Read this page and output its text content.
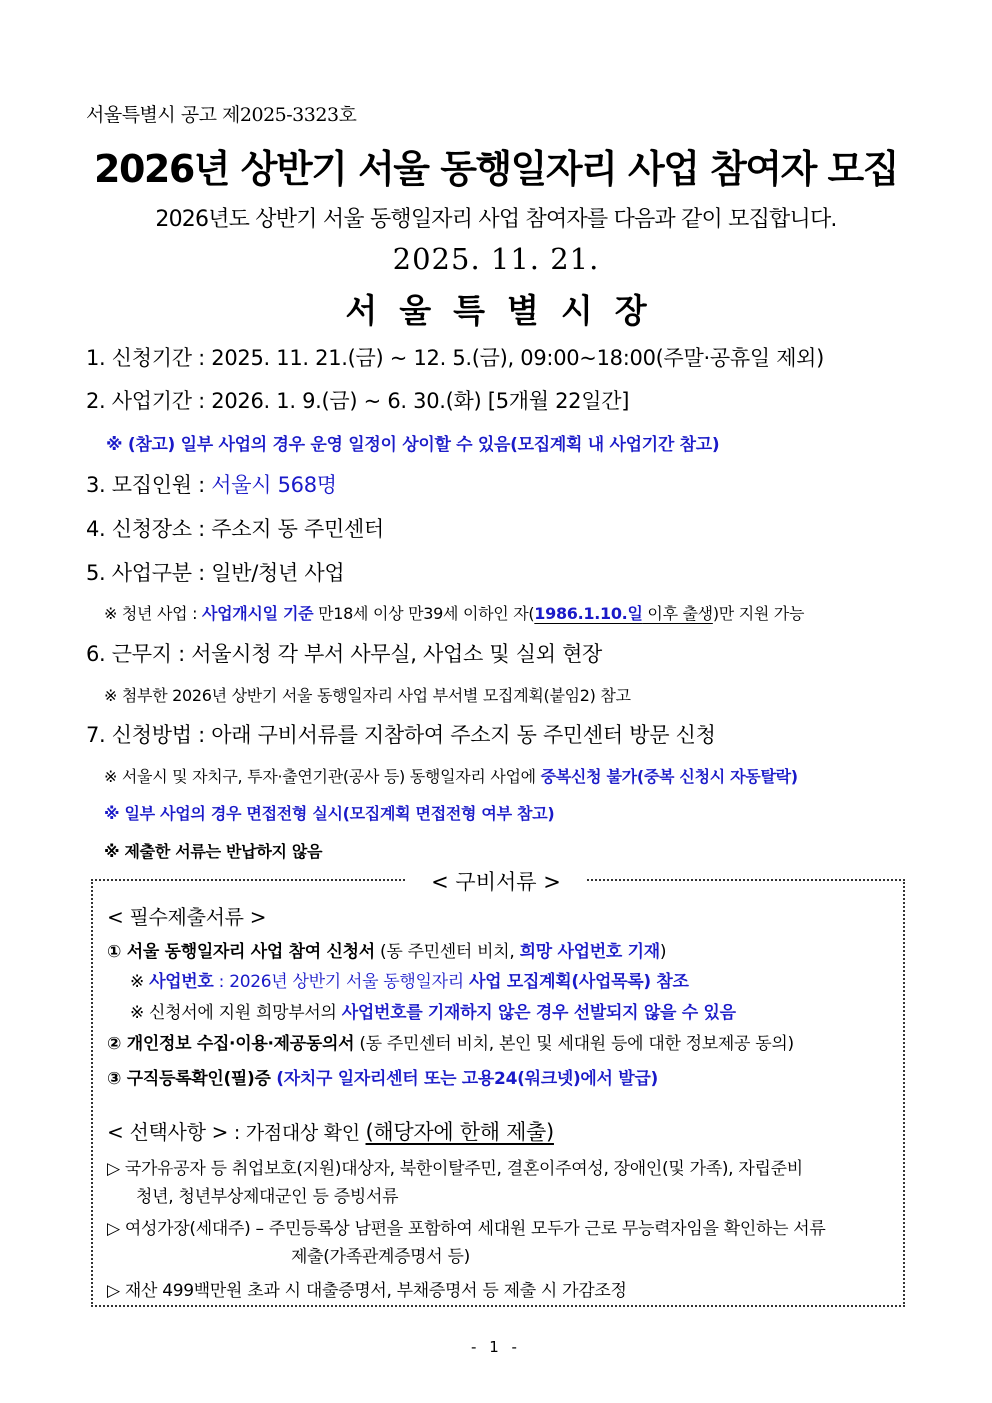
서울특별시 공고 제2025-3323호
2026년 상반기 서울 동행일자리 사업 참여자 모집
2026년도 상반기 서울 동행일자리 사업 참여자를 다음과 같이 모집합니다.
2025. 11. 21.
서울특별시장
1. 신청기간 : 2025. 11. 21.(금) ~ 12. 5.(금), 09:00~18:00(주말·공휴일 제외)
2. 사업기간 : 2026. 1. 9.(금) ~ 6. 30.(화) [5개월 22일간]
※ (참고) 일부 사업의 경우 운영 일정이 상이할 수 있음(모집계획 내 사업기간 참고)
3. 모집인원 : 서울시 568명
4. 신청장소 : 주소지 동 주민센터
5. 사업구분 : 일반/청년 사업
※ 청년 사업 : 사업개시일 기준 만18세 이상 만39세 이하인 자(1986.1.10.일 이후 출생)만 지원 가능
6. 근무지 : 서울시청 각 부서 사무실, 사업소 및 실외 현장
※ 첨부한 2026년 상반기 서울 동행일자리 사업 부서별 모집계획(붙임2) 참고
7. 신청방법 : 아래 구비서류를 지참하여 주소지 동 주민센터 방문 신청
※ 서울시 및 자치구, 투자·출연기관(공사 등) 동행일자리 사업에 중복신청 불가(중복 신청시 자동탈락)
※ 일부 사업의 경우 면접전형 실시(모집계획 면접전형 여부 참고)
※ 제출한 서류는 반납하지 않음
< 구비서류 >
< 필수제출서류 >
① 서울 동행일자리 사업 참여 신청서 (동 주민센터 비치, 희망 사업번호 기재)
※ 사업번호 : 2026년 상반기 서울 동행일자리 사업 모집계획(사업목록) 참조
※ 신청서에 지원 희망부서의 사업번호를 기재하지 않은 경우 선발되지 않을 수 있음
② 개인정보 수집·이용·제공동의서 (동 주민센터 비치, 본인 및 세대원 등에 대한 정보제공 동의)
③ 구직등록확인(필)증 (자치구 일자리센터 또는 고용24(워크넷)에서 발급)
< 선택사항 > : 가점대상 확인 (해당자에 한해 제출)
▷ 국가유공자 등 취업보호(지원)대상자, 북한이탈주민, 결혼이주여성, 장애인(및 가족), 자립준비
청년, 청년부상제대군인 등 증빙서류
▷ 여성가장(세대주) – 주민등록상 남편을 포함하여 세대원 모두가 근로 무능력자임을 확인하는 서류
제출(가족관계증명서 등)
▷ 재산 499백만원 초과 시 대출증명서, 부채증명서 등 제출 시 가감조정
- 1 -
